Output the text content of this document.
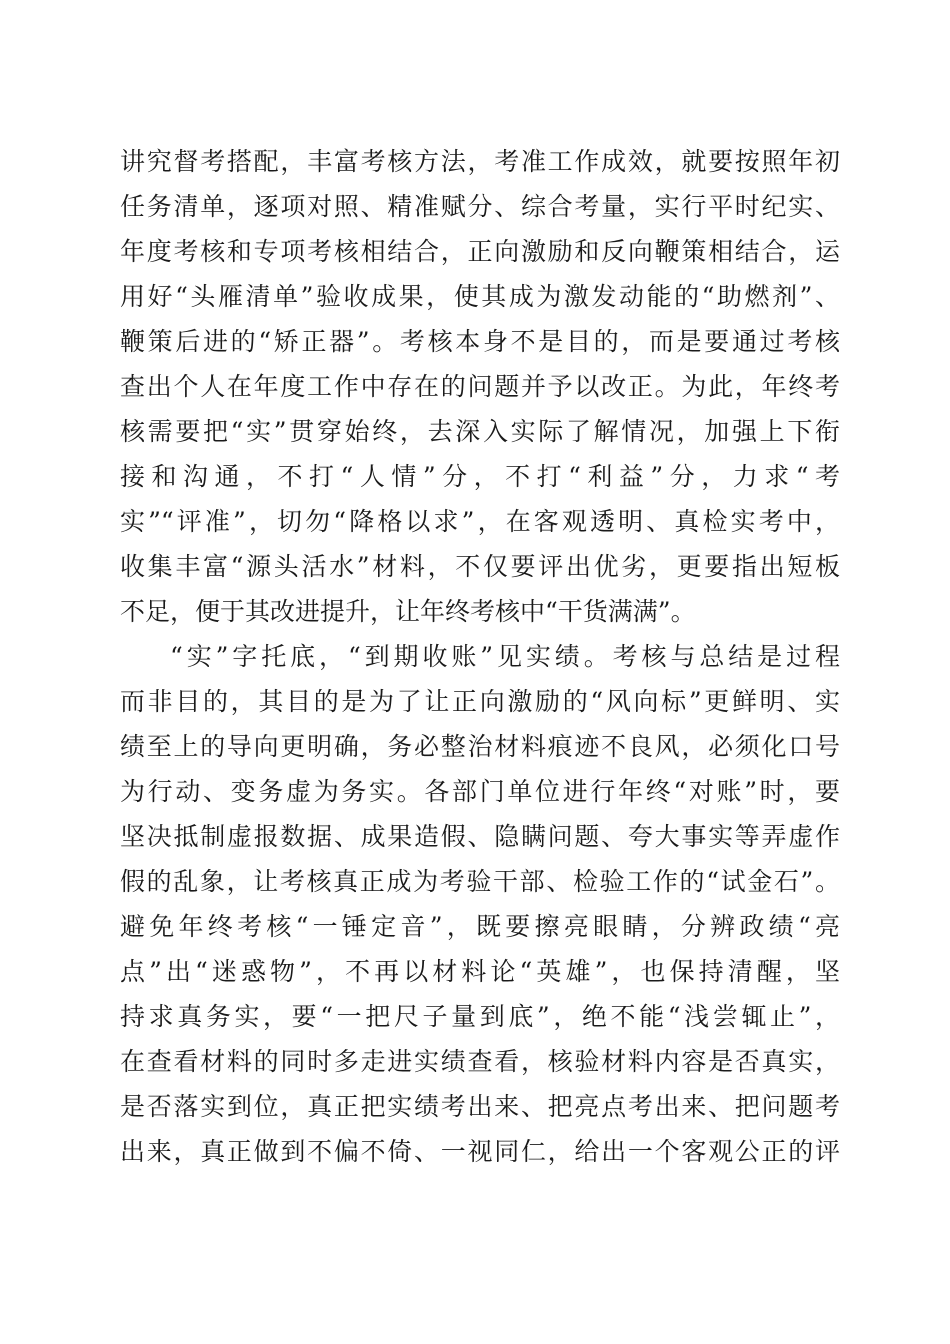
讲究督考搭配，丰富考核方法，考准工作成效，就要按照年初
任务清单，逐项对照、精准赋分、综合考量，实行平时纪实、
年度考核和专项考核相结合，正向激励和反向鞭策相结合，运
用好“头雁清单”验收成果，使其成为激发动能的“助燃剂”、
鞭策后进的“矫正器”。考核本身不是目的，而是要通过考核
查出个人在年度工作中存在的问题并予以改正。为此，年终考
核需要把“实”贯穿始终，去深入实际了解情况，加强上下衔
接和沟通，不打“人情”分，不打“利益”分，力求“考
实”“评准”，切勿“降格以求”，在客观透明、真检实考中，
收集丰富“源头活水”材料，不仅要评出优劣，更要指出短板
不足，便于其改进提升，让年终考核中“干货满满”。
“实”字托底，“到期收账”见实绩。考核与总结是过程
而非目的，其目的是为了让正向激励的“风向标”更鲜明、实
绩至上的导向更明确，务必整治材料痕迹不良风，必须化口号
为行动、变务虚为务实。各部门单位进行年终“对账”时，要
坚决抵制虚报数据、成果造假、隐瞒问题、夸大事实等弄虚作
假的乱象，让考核真正成为考验干部、检验工作的“试金石”。
避免年终考核“一锤定音”，既要擦亮眼睛，分辨政绩“亮
点”出“迷惑物”，不再以材料论“英雄”，也保持清醒，坚
持求真务实，要“一把尺子量到底”，绝不能“浅尝辄止”，
在查看材料的同时多走进实绩查看，核验材料内容是否真实，
是否落实到位，真正把实绩考出来、把亮点考出来、把问题考
出来，真正做到不偏不倚、一视同仁，给出一个客观公正的评
